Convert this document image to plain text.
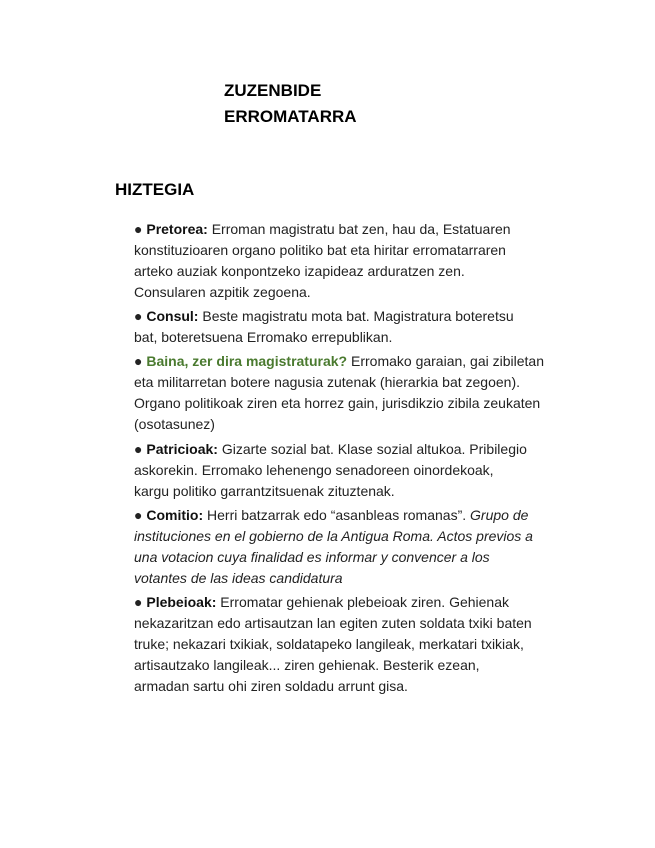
ZUZENBIDE
ERROMATARRA
HIZTEGIA
● Pretorea: Erroman magistratu bat zen, hau da, Estatuaren
konstituzioaren organo politiko bat eta hiritar erromatarraren
arteko auziak konpontzeko izapideaz arduratzen zen.
Consularen azpitik zegoena.
● Consul: Beste magistratu mota bat. Magistratura boteretsu
bat, boteretsuena Erromako errepublikan.
● Baina, zer dira magistraturak? Erromako garaian, gai zibiletan
eta militarretan botere nagusia zutenak (hierarkia bat zegoen).
Organo politikoak ziren eta horrez gain, jurisdikzio zibila zeukaten
(osotasunez)
● Patricioak: Gizarte sozial bat. Klase sozial altukoa. Pribilegio
askorekin. Erromako lehenengo senadoreen oinordekoak,
kargu politiko garrantzitsuenak zituztenak.
● Comitio: Herri batzarrak edo “asanbleas romanas”. Grupo de
instituciones en el gobierno de la Antigua Roma. Actos previos a
una votacion cuya finalidad es informar y convencer a los
votantes de las ideas candidatura
● Plebeioak: Erromatar gehienak plebeioak ziren. Gehienak
nekazaritzan edo artisautzan lan egiten zuten soldata txiki baten
truke; nekazari txikiak, soldatapeko langileak, merkatari txikiak,
artisautzako langileak... ziren gehienak. Besterik ezean,
armadan sartu ohi ziren soldadu arrunt gisa.
